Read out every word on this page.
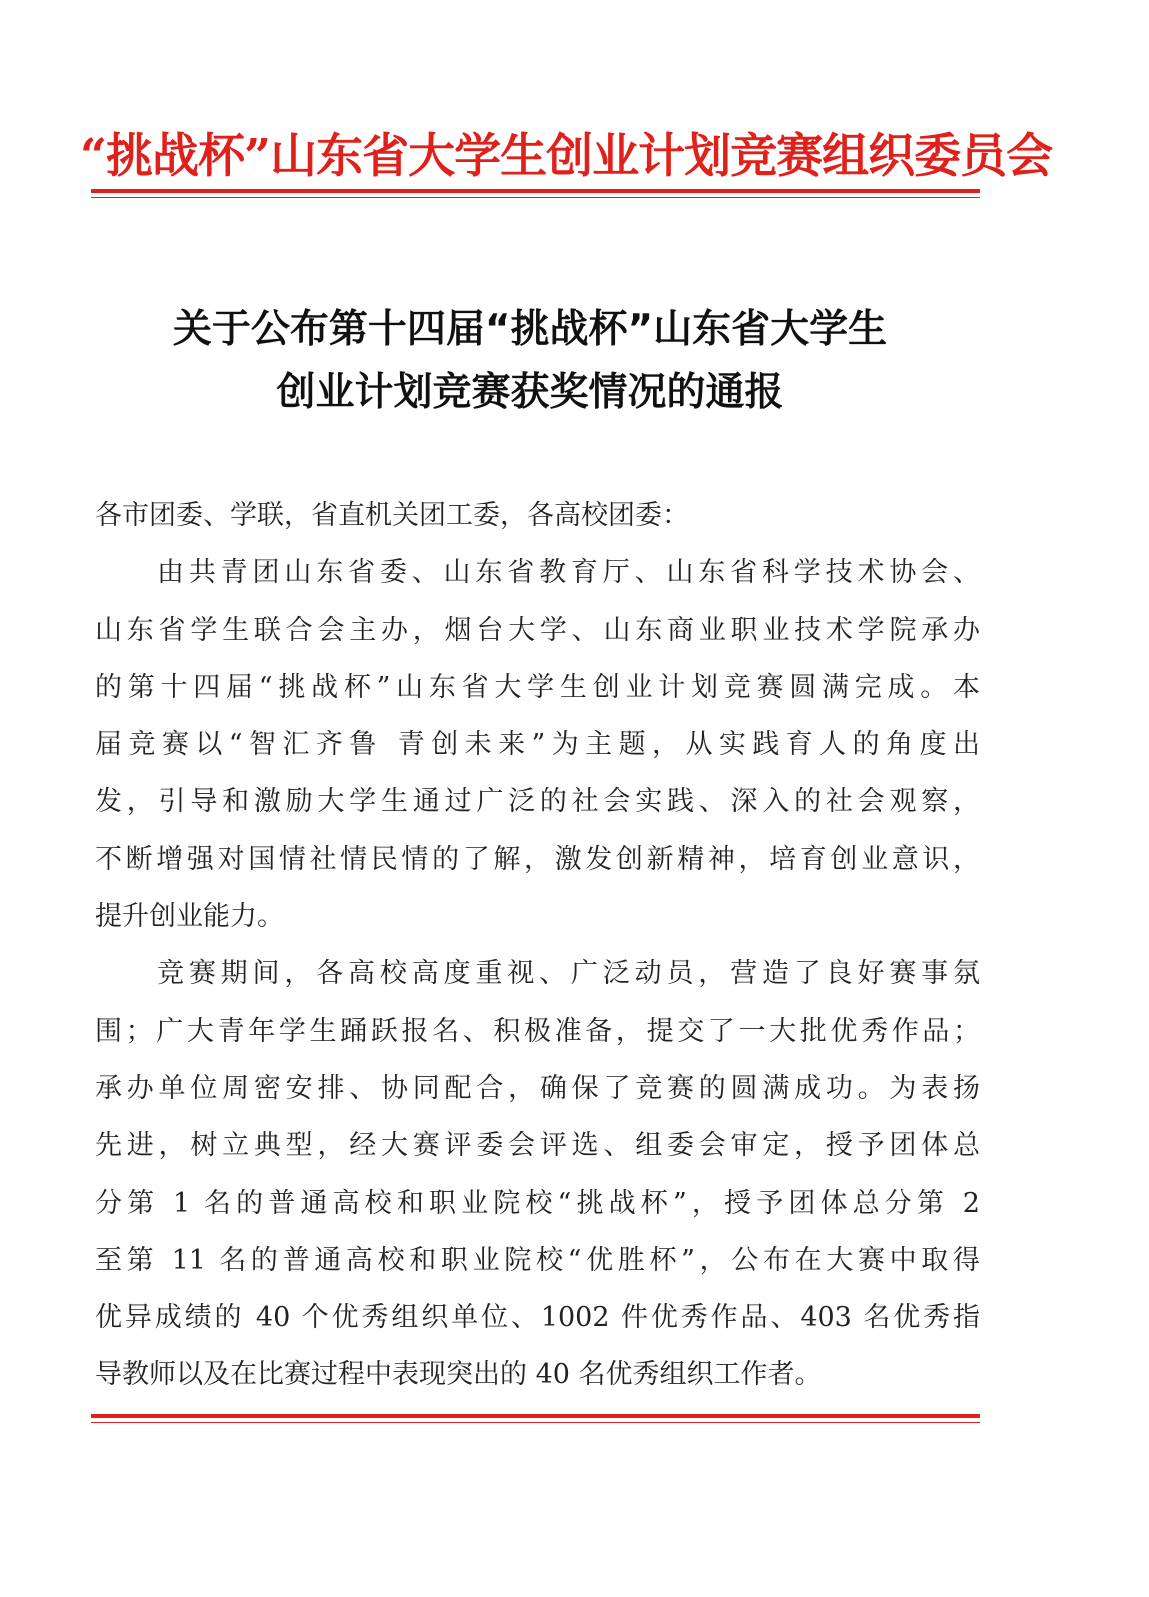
“挑战杯”山东省大学生创业计划竞赛组织委员会
关于公布第十四届“挑战杯”山东省大学生
创业计划竞赛获奖情况的通报
各市团委、学联，省直机关团工委，各高校团委：
由共青团山东省委、山东省教育厅、山东省科学技术协会、
山东省学生联合会主办，烟台大学、山东商业职业技术学院承办
的第十四届“挑战杯”山东省大学生创业计划竞赛圆满完成。本
届竞赛以“智汇齐鲁 青创未来”为主题，从实践育人的角度出
发，引导和激励大学生通过广泛的社会实践、深入的社会观察，
不断增强对国情社情民情的了解，激发创新精神，培育创业意识，
提升创业能力。
竞赛期间，各高校高度重视、广泛动员，营造了良好赛事氛
围；广大青年学生踊跃报名、积极准备，提交了一大批优秀作品；
承办单位周密安排、协同配合，确保了竞赛的圆满成功。为表扬
先进，树立典型，经大赛评委会评选、组委会审定，授予团体总
分第 1 名的普通高校和职业院校“挑战杯”，授予团体总分第 2
至第 11 名的普通高校和职业院校“优胜杯”，公布在大赛中取得
优异成绩的 40 个优秀组织单位、1002 件优秀作品、403 名优秀指
导教师以及在比赛过程中表现突出的 40 名优秀组织工作者。
